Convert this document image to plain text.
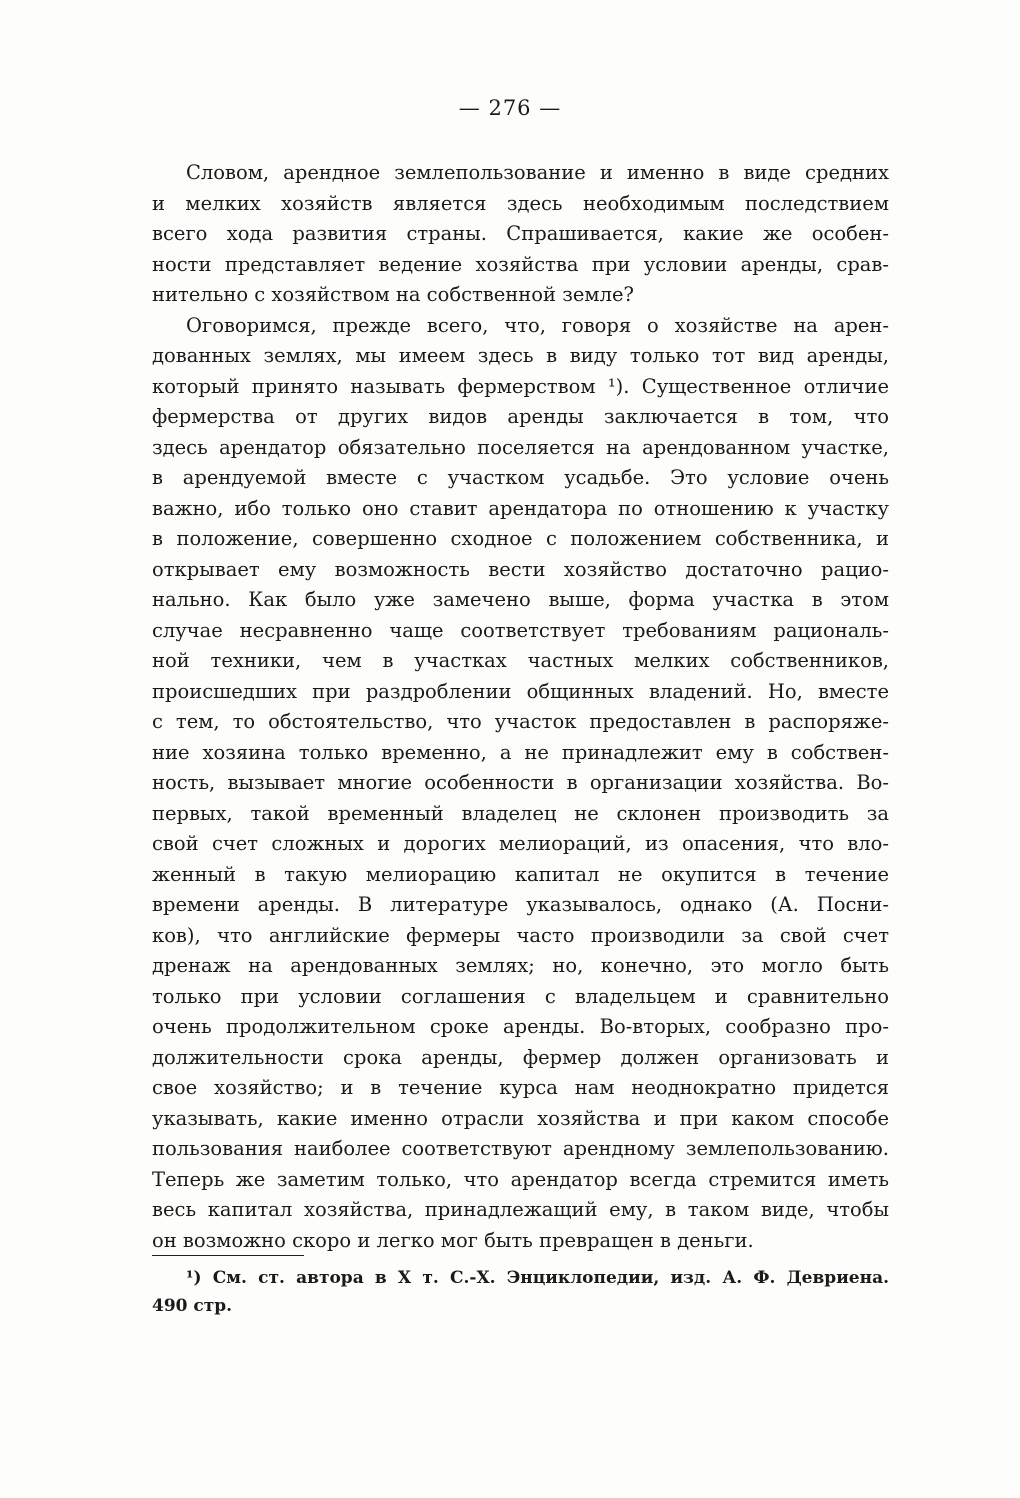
— 276 —
Словом, арендное землепользование и именно в виде средних
и мелких хозяйств является здесь необходимым последствием
всего хода развития страны. Спрашивается, какие же особен-
ности представляет ведение хозяйства при условии аренды, срав-
нительно с хозяйством на собственной земле?
Оговоримся, прежде всего, что, говоря о хозяйстве на арен-
дованных землях, мы имеем здесь в виду только тот вид аренды,
который принято называть фермерством ¹). Существенное отличие
фермерства от других видов аренды заключается в том, что
здесь арендатор обязательно поселяется на арендованном участке,
в арендуемой вместе с участком усадьбе. Это условие очень
важно, ибо только оно ставит арендатора по отношению к участку
в положение, совершенно сходное с положением собственника, и
открывает ему возможность вести хозяйство достаточно рацио-
нально. Как было уже замечено выше, форма участка в этом
случае несравненно чаще соответствует требованиям рациональ-
ной техники, чем в участках частных мелких собственников,
происшедших при раздроблении общинных владений. Но, вместе
с тем, то обстоятельство, что участок предоставлен в распоряже-
ние хозяина только временно, а не принадлежит ему в собствен-
ность, вызывает многие особенности в организации хозяйства. Во-
первых, такой временный владелец не склонен производить за
свой счет сложных и дорогих мелиораций, из опасения, что вло-
женный в такую мелиорацию капитал не окупится в течение
времени аренды. В литературе указывалось, однако (А. Посни-
ков), что английские фермеры часто производили за свой счет
дренаж на арендованных землях; но, конечно, это могло быть
только при условии соглашения с владельцем и сравнительно
очень продолжительном сроке аренды. Во-вторых, сообразно про-
должительности срока аренды, фермер должен организовать и
свое хозяйство; и в течение курса нам неоднократно придется
указывать, какие именно отрасли хозяйства и при каком способе
пользования наиболее соответствуют арендному землепользованию.
Теперь же заметим только, что арендатор всегда стремится иметь
весь капитал хозяйства, принадлежащий ему, в таком виде, чтобы
он возможно скоро и легко мог быть превращен в деньги.
¹) См. ст. автора в X т. С.-Х. Энциклопедии, изд. А. Ф. Девриена.
490 стр.
